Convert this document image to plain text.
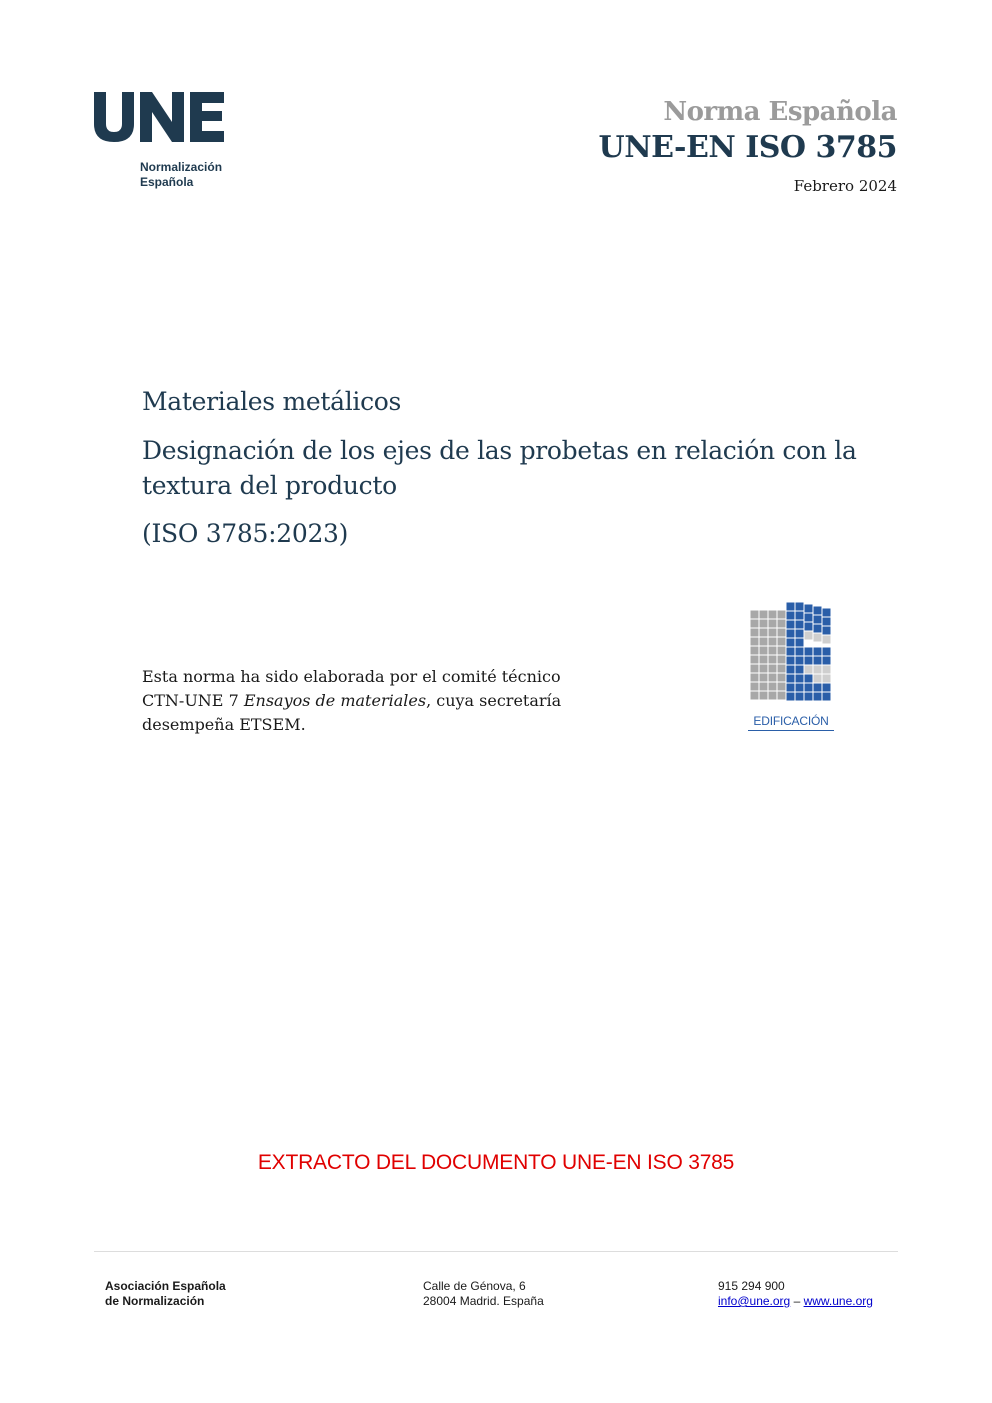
Normalización
Española
Norma Española
UNE-EN ISO 3785
Febrero 2024

Materiales metálicos

Designación de los ejes de las probetas en relación con la textura del producto

(ISO 3785:2023)

Esta norma ha sido elaborada por el comité técnico
CTN-UNE 7 Ensayos de materiales, cuya secretaría
desempeña ETSEM.	EDIFICACIÓN
EXTRACTO DEL DOCUMENTO UNE-EN ISO 3785
Asociación Española
de Normalización
Calle de Génova, 6
28004 Madrid. España
915 294 900
info@une.org – www.une.org
